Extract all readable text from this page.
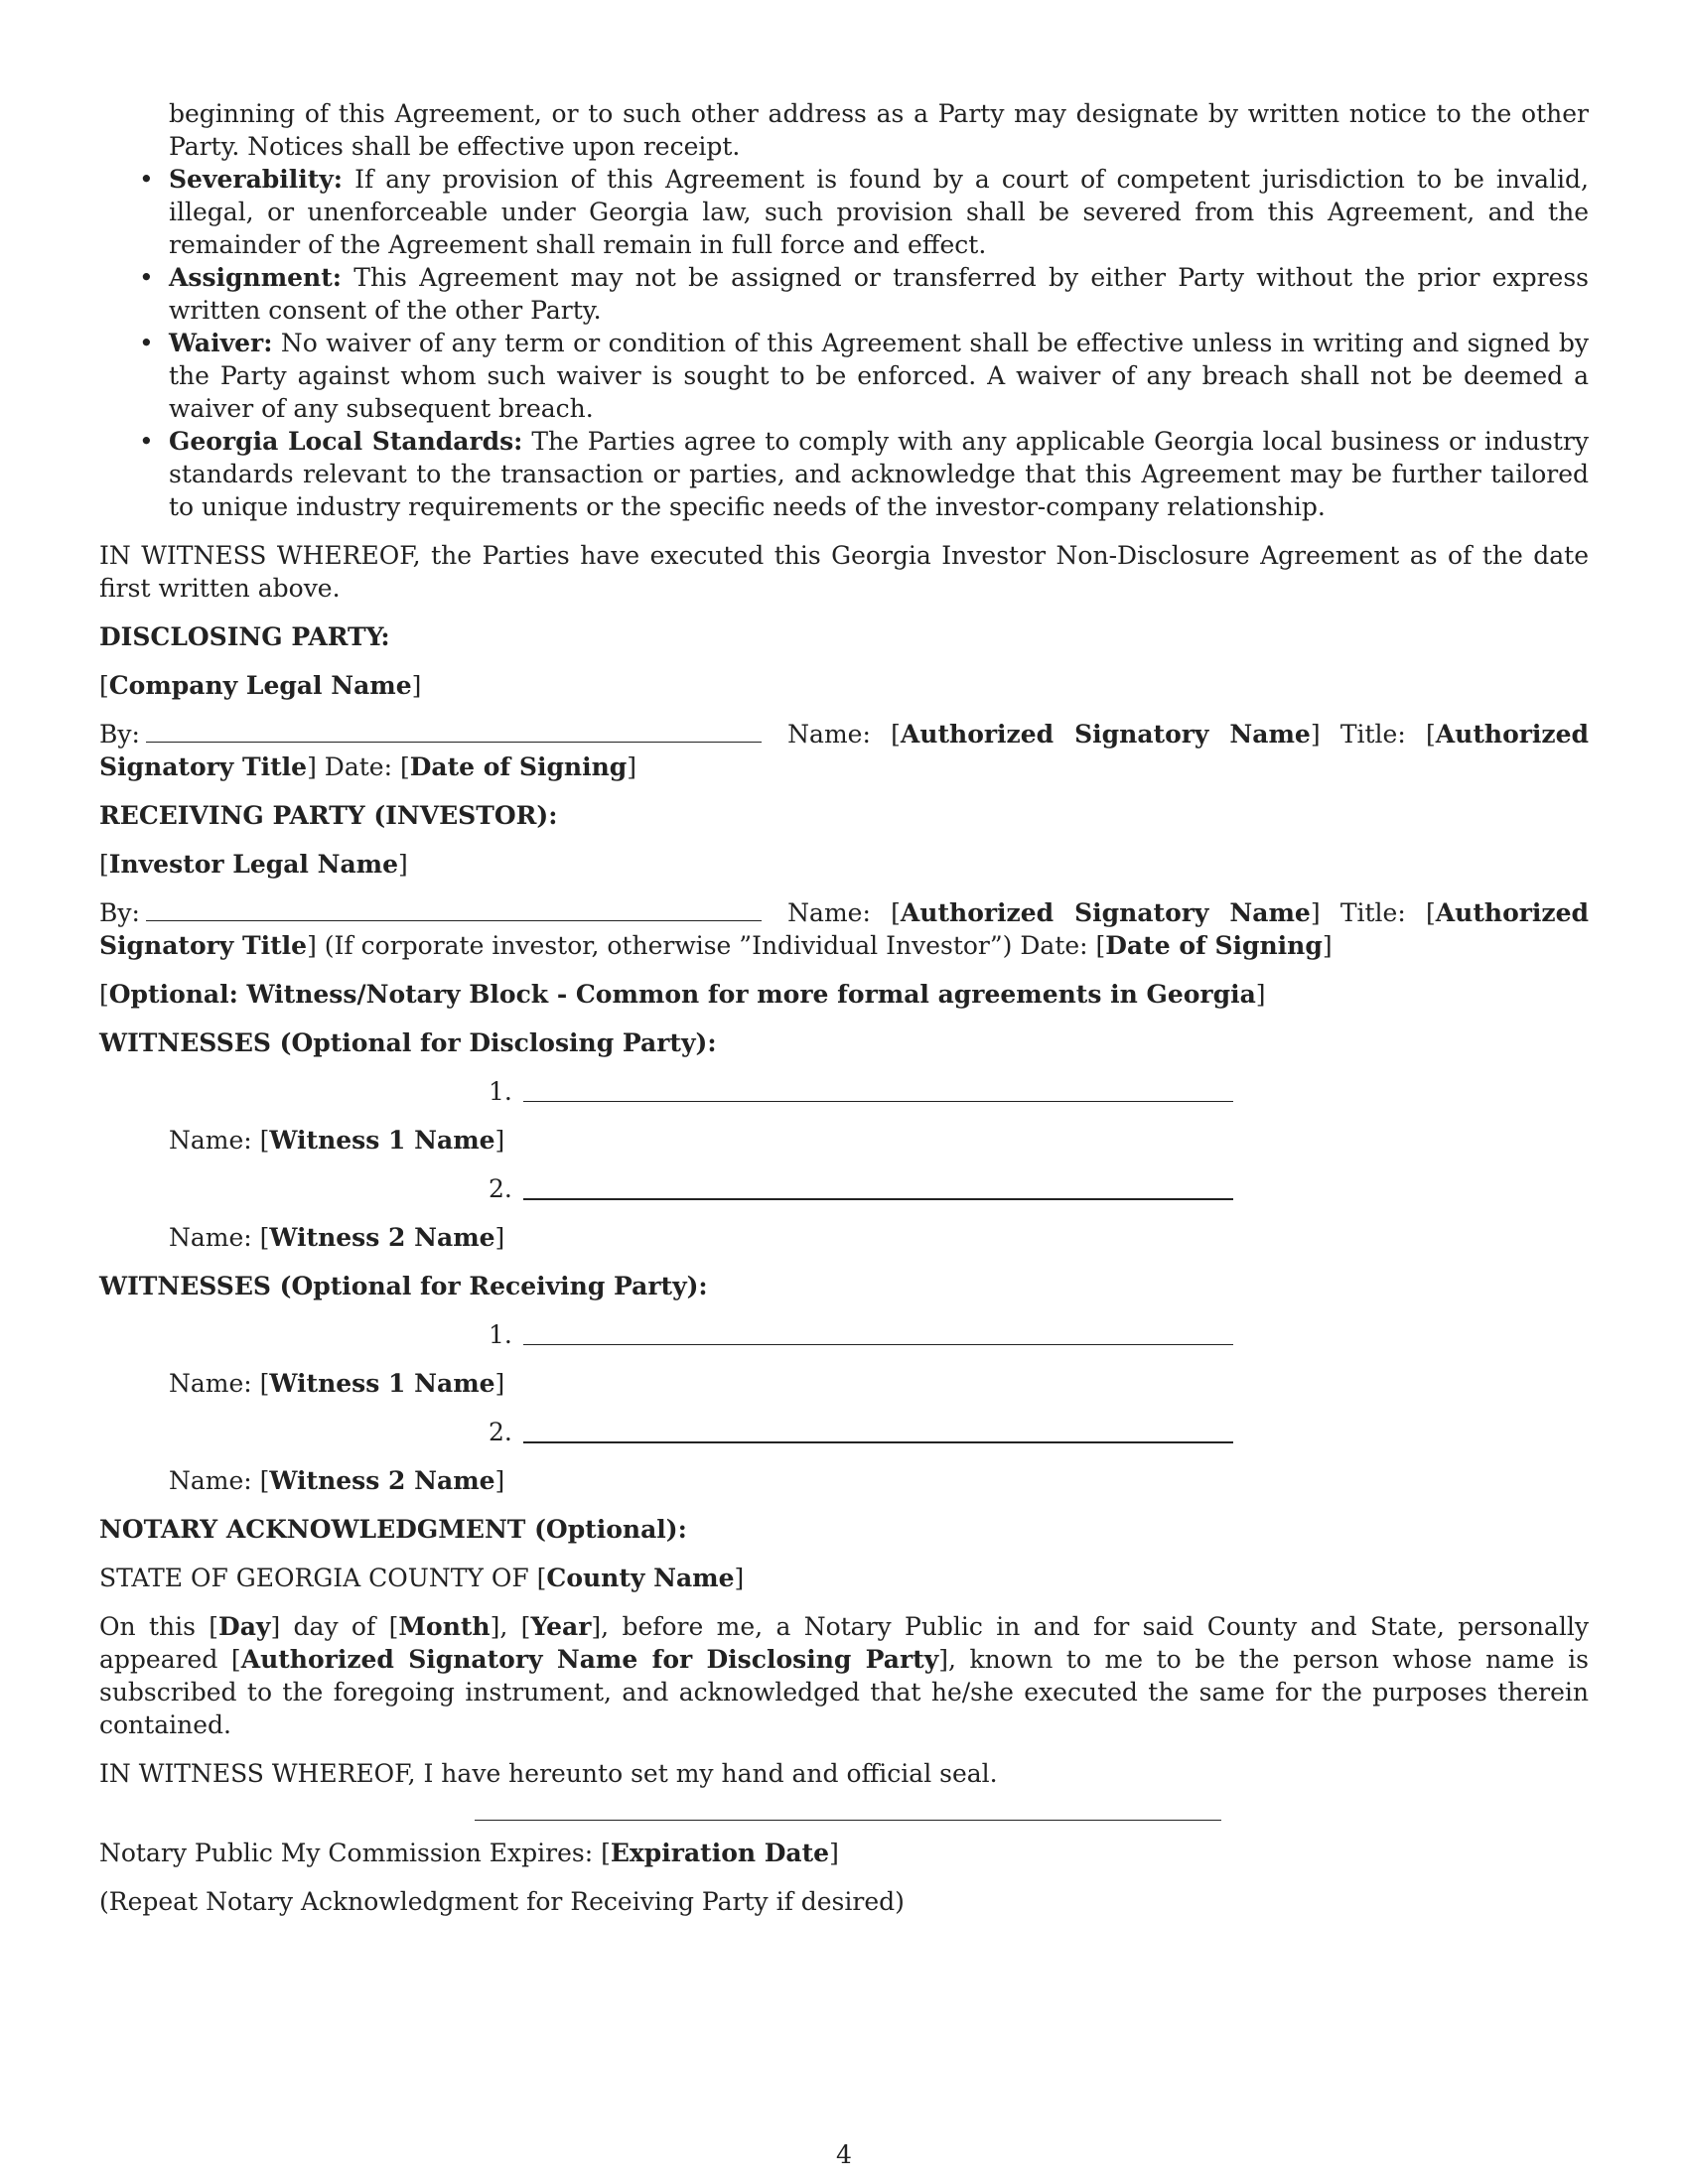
beginning of this Agreement, or to such other address as a Party may designate by written notice to the other Party. Notices shall be effective upon receipt.

• Severability: If any provision of this Agreement is found by a court of competent jurisdiction to be invalid, illegal, or unenforceable under Georgia law, such provision shall be severed from this Agreement, and the remainder of the Agreement shall remain in full force and effect.
• Assignment: This Agreement may not be assigned or transferred by either Party without the prior express written consent of the other Party.
• Waiver: No waiver of any term or condition of this Agreement shall be effective unless in writing and signed by the Party against whom such waiver is sought to be enforced. A waiver of any breach shall not be deemed a waiver of any subsequent breach.
• Georgia Local Standards: The Parties agree to comply with any applicable Georgia local business or industry standards relevant to the transaction or parties, and acknowledge that this Agreement may be further tailored to unique industry requirements or the specific needs of the investor-company relationship.

IN WITNESS WHEREOF, the Parties have executed this Georgia Investor Non-Disclosure Agreement as of the date first written above.

DISCLOSING PARTY:

[Company Legal Name]

By:	Name: [Authorized Signatory Name] Title: [Authorized Signatory Title] Date: [Date of Signing]

RECEIVING PARTY (INVESTOR):

[Investor Legal Name]

By:	Name: [Authorized Signatory Name] Title: [Authorized Signatory Title] (If corporate investor, otherwise ”Individual Investor”) Date: [Date of Signing]

[Optional: Witness/Notary Block - Common for more formal agreements in Georgia]

WITNESSES (Optional for Disclosing Party):

1.

Name: [Witness 1 Name]

2.

Name: [Witness 2 Name]

WITNESSES (Optional for Receiving Party):

1.

Name: [Witness 1 Name]

2.

Name: [Witness 2 Name]

NOTARY ACKNOWLEDGMENT (Optional):

STATE OF GEORGIA COUNTY OF [County Name]

On this [Day] day of [Month], [Year], before me, a Notary Public in and for said County and State, personally appeared [Authorized Signatory Name for Disclosing Party], known to me to be the person whose name is subscribed to the foregoing instrument, and acknowledged that he/she executed the same for the purposes therein contained.

IN WITNESS WHEREOF, I have hereunto set my hand and official seal.

Notary Public My Commission Expires: [Expiration Date]

(Repeat Notary Acknowledgment for Receiving Party if desired)

4
